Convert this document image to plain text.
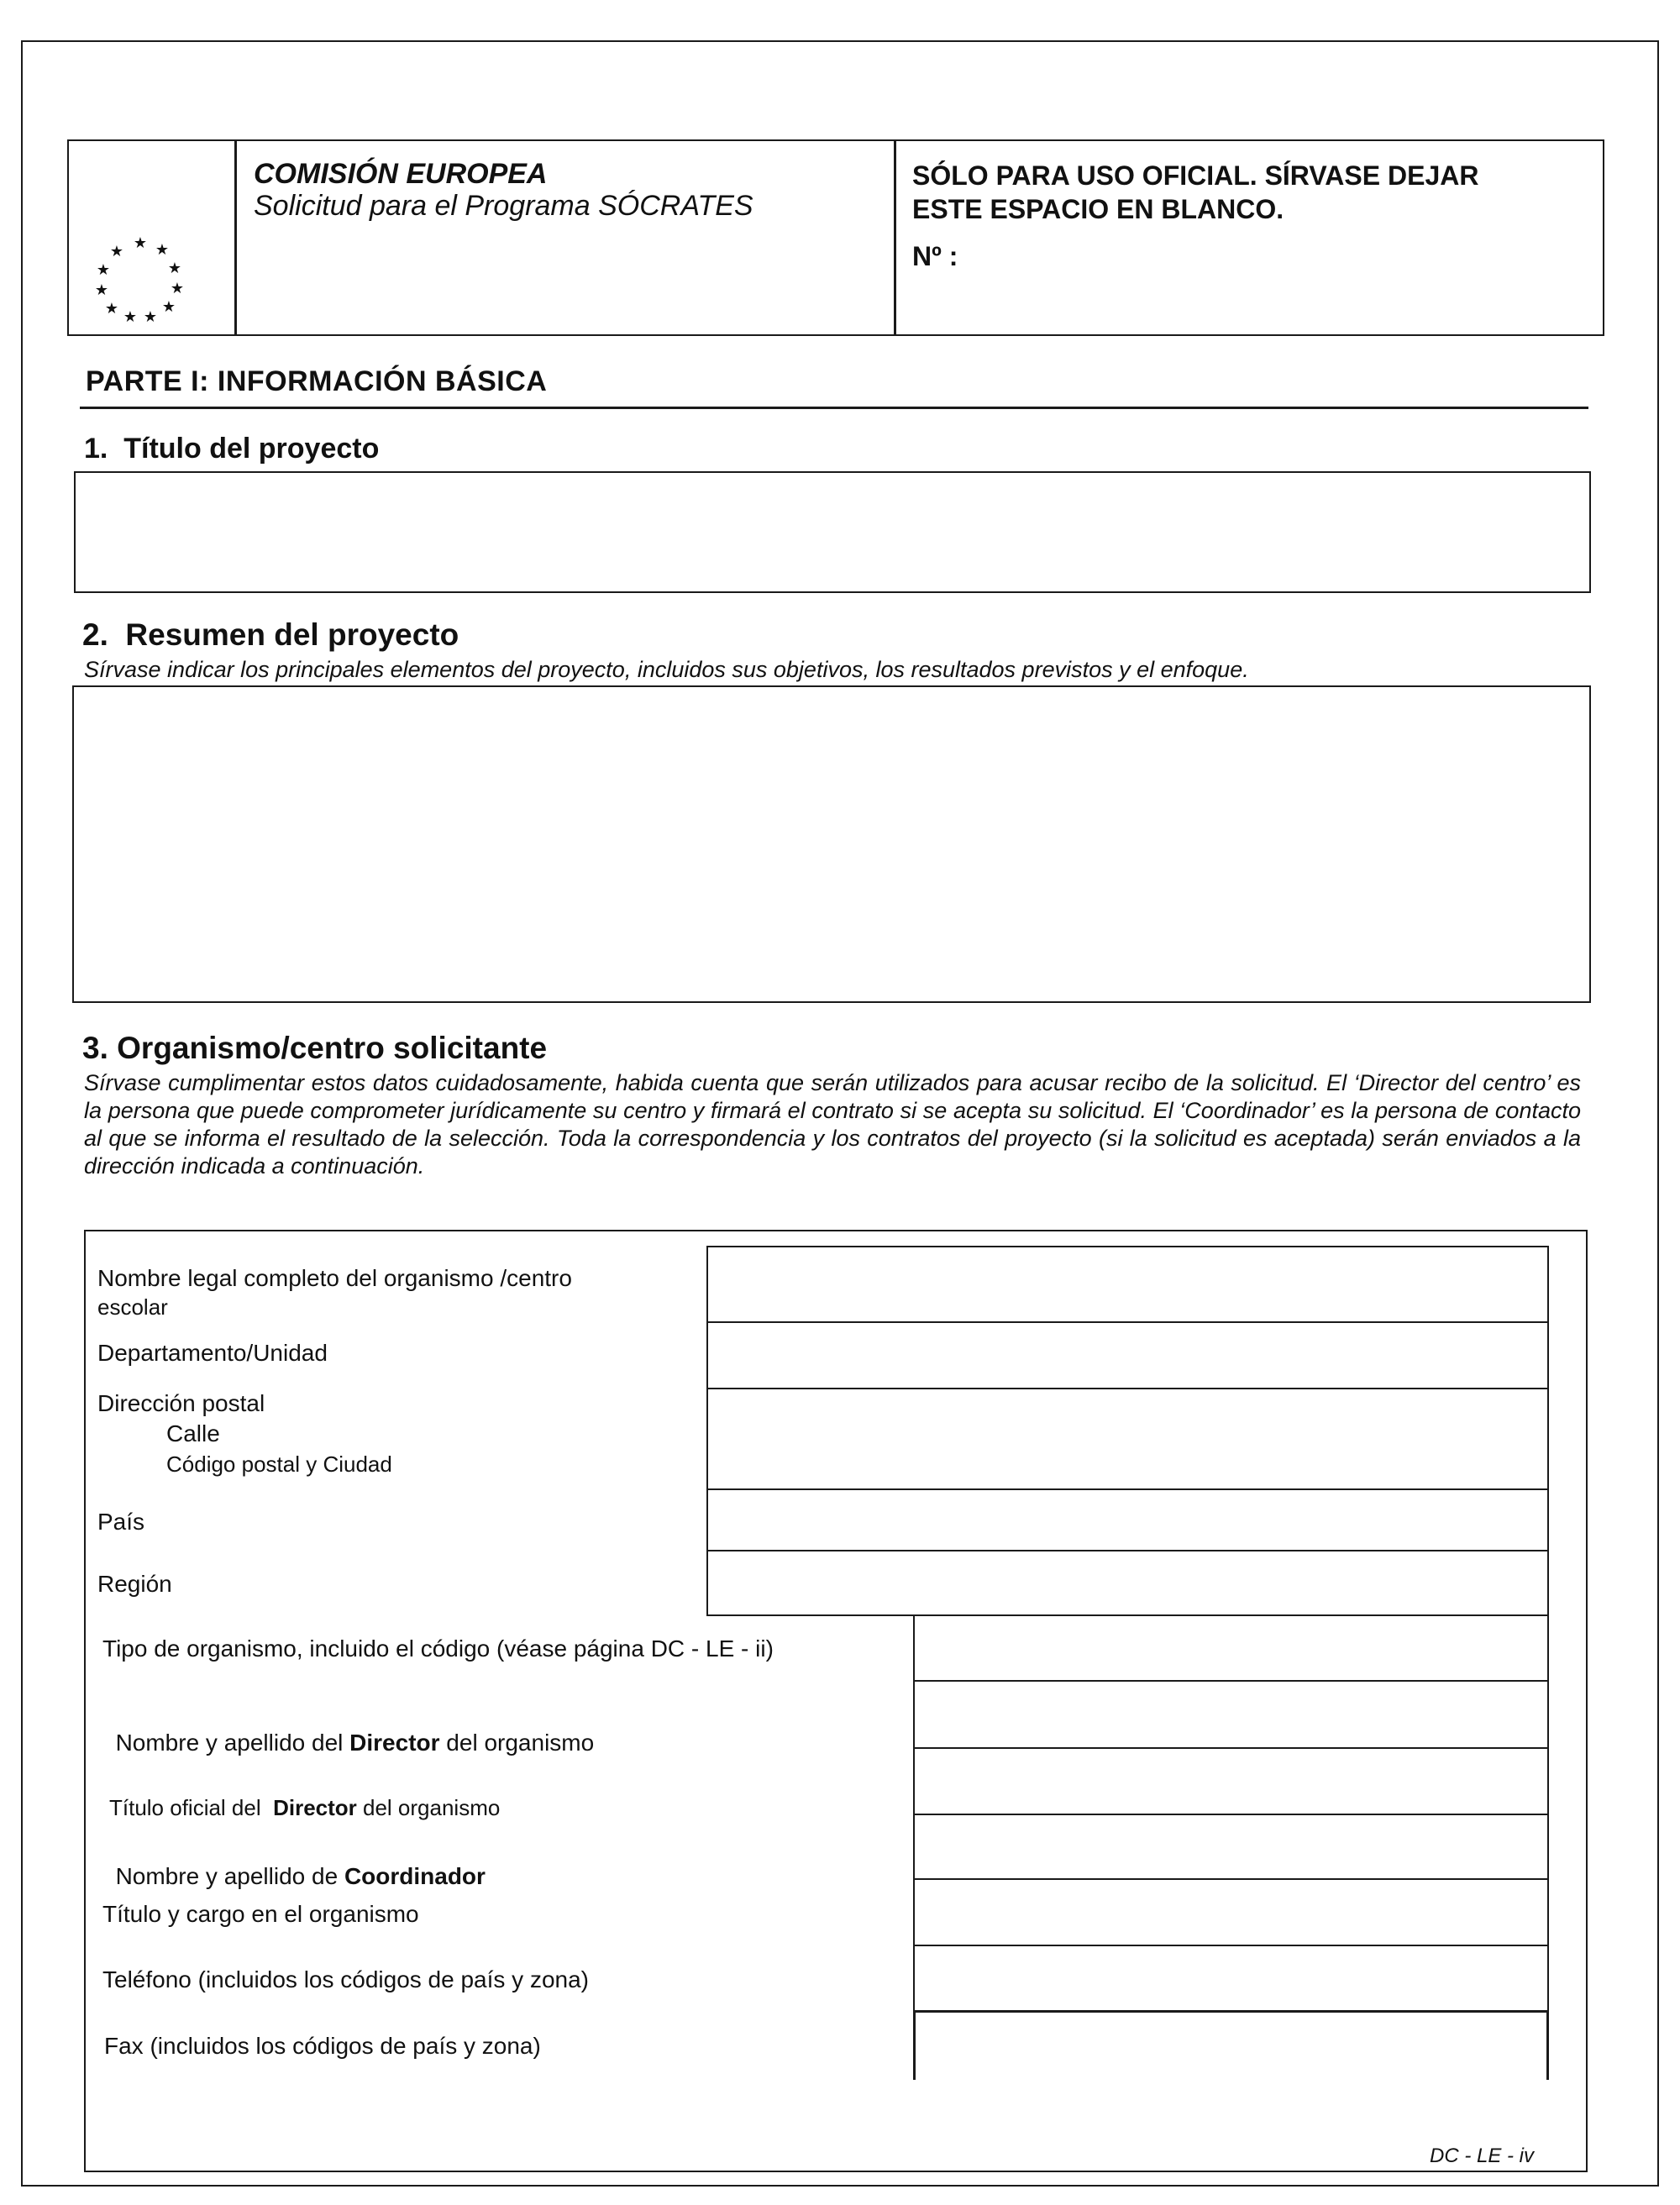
★ ★
★
★
★
★
★
★
★
★
★
COMISIÓN EUROPEA
Solicitud para el Programa SÓCRATES
SÓLO PARA USO OFICIAL. SÍRVASE DEJAR
ESTE ESPACIO EN BLANCO.
Nº :
PARTE I: INFORMACIÓN BÁSICA
1.  Título del proyecto
2.  Resumen del proyecto
Sírvase indicar los principales elementos del proyecto, incluidos sus objetivos, los resultados previstos y el enfoque.
3. Organismo/centro solicitante
Sírvase cumplimentar estos datos cuidadosamente, habida cuenta que serán utilizados para acusar recibo de la solicitud. El ‘Director del centro’ es la persona que puede comprometer jurídicamente su centro y firmará el contrato si se acepta su solicitud. El ‘Coordinador’ es la persona de contacto al que se informa el resultado de la selección. Toda la correspondencia y los contratos del proyecto (si la solicitud es aceptada) serán enviados a la dirección indicada a continuación.
Nombre legal completo del organismo /centro
escolar
Departamento/Unidad
Dirección postal
Calle
Código postal y Ciudad
País
Región
Tipo de organismo, incluido el código (véase página DC - LE - ii)

Nombre y apellido del Director del organismo

Título oficial del  Director del organismo

Nombre y apellido de Coordinador

Título y cargo en el organismo
Teléfono (incluidos los códigos de país y zona)
Fax (incluidos los códigos de país y zona)
DC - LE - iv
